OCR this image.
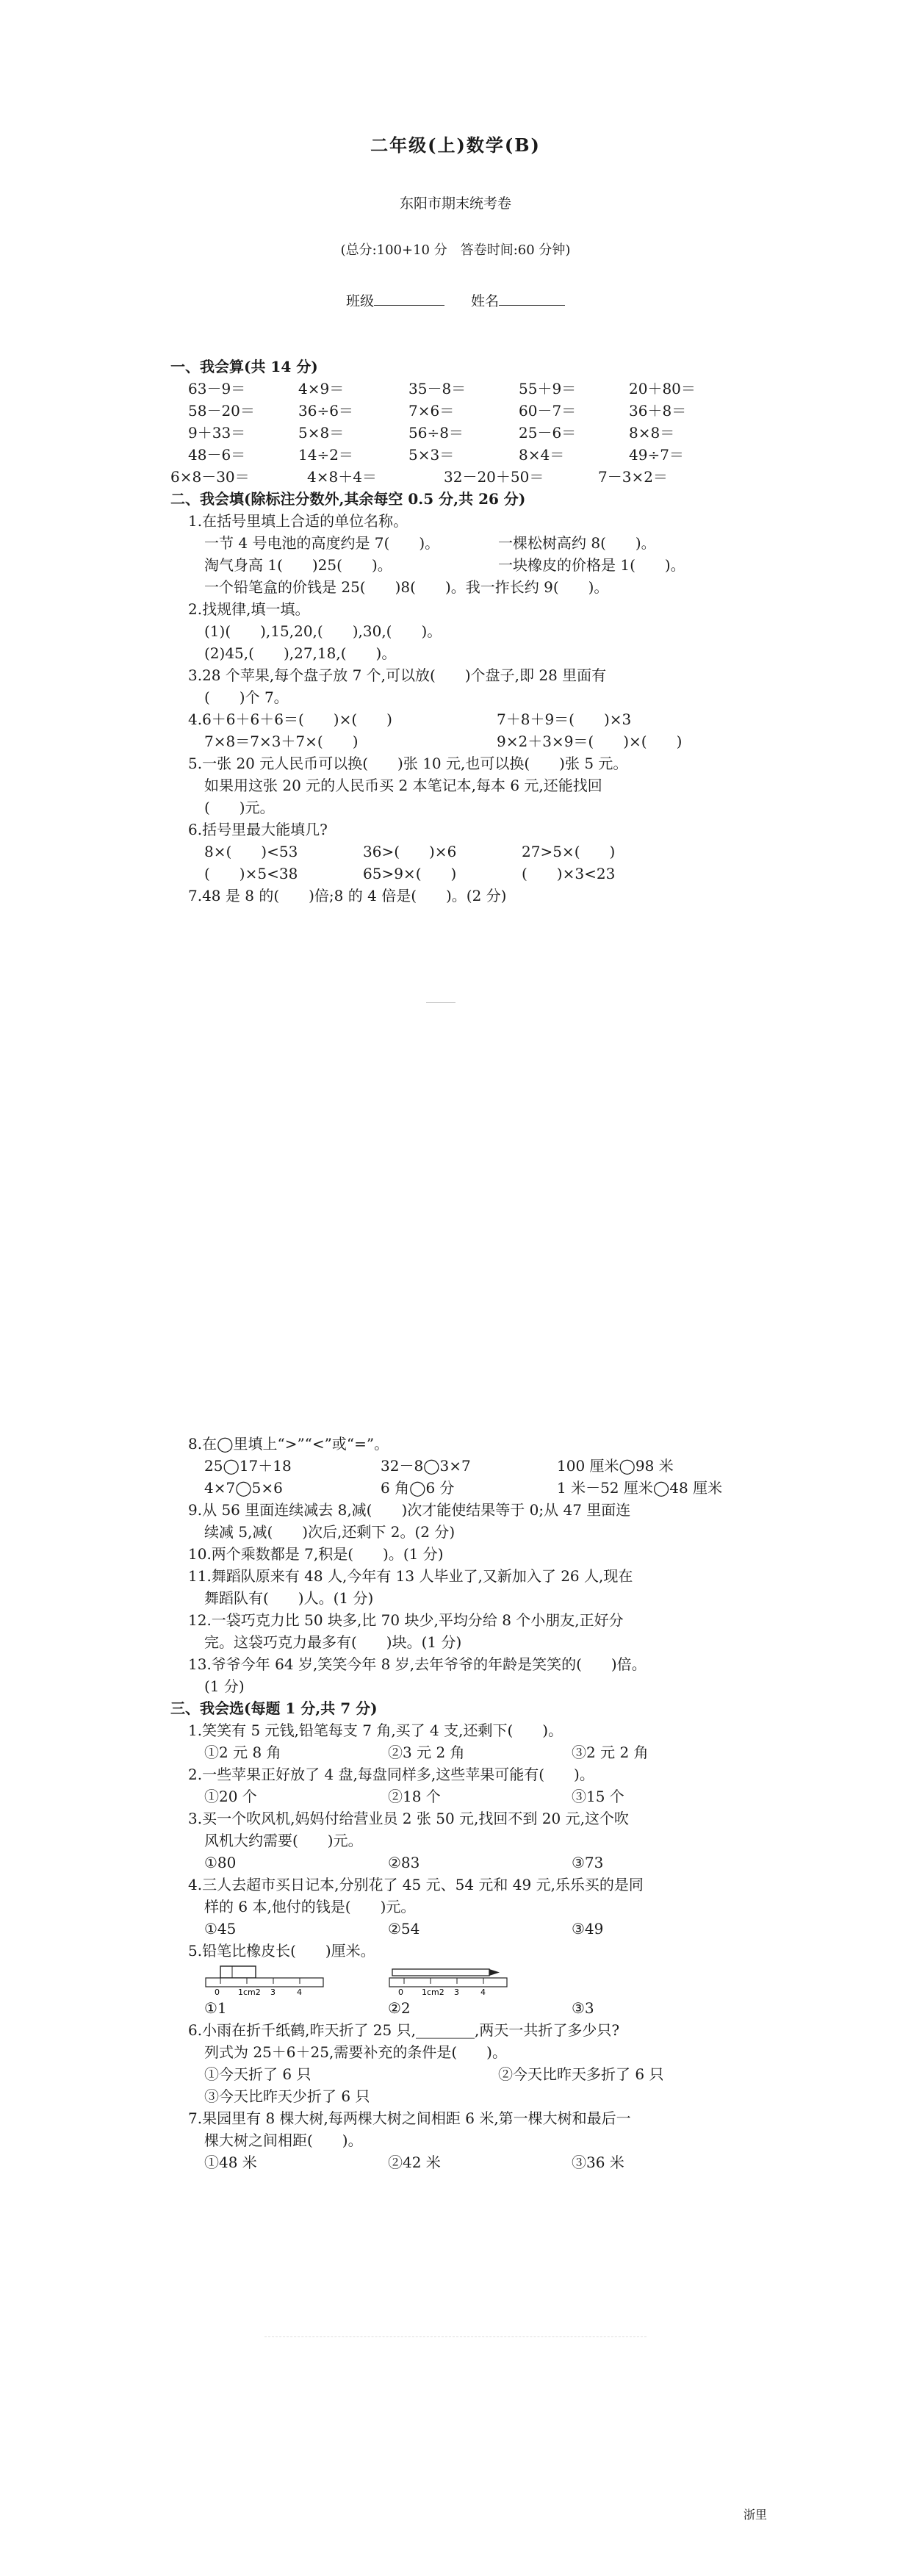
二年级(上)数学(B)
东阳市期末统考卷
(总分:100+10 分　答卷时间:60 分钟)
班级	姓名
一、我会算(共 14 分)
63－9＝	4×9＝	35－8＝	55＋9＝	20＋80＝
58－20＝	36÷6＝	7×6＝	60－7＝	36＋8＝
9＋33＝	5×8＝	56÷8＝	25－6＝	8×8＝
48－6＝	14÷2＝	5×3＝	8×4＝	49÷7＝
6×8－30＝	4×8＋4＝	32－20＋50＝	7－3×2＝
二、我会填(除标注分数外,其余每空 0.5 分,共 26 分)
1.在括号里填上合适的单位名称。
一节 4 号电池的高度约是 7(　　)。	一棵松树高约 8(　　)。
淘气身高 1(　　)25(　　)。	一块橡皮的价格是 1(　　)。
一个铅笔盒的价钱是 25(　　)8(　　)。我一拃长约 9(　　)。
2.找规律,填一填。
(1)(　　),15,20,(　　),30,(　　)。
(2)45,(　　),27,18,(　　)。
3.28 个苹果,每个盘子放 7 个,可以放(　　)个盘子,即 28 里面有
(　　)个 7。
4.6＋6＋6＋6＝(　　)×(　　)	7＋8＋9＝(　　)×3
7×8＝7×3＋7×(　　)	9×2＋3×9＝(　　)×(　　)
5.一张 20 元人民币可以换(　　)张 10 元,也可以换(　　)张 5 元。
如果用这张 20 元的人民币买 2 本笔记本,每本 6 元,还能找回
(　　)元。
6.括号里最大能填几?
8×(　　)<53	36>(　　)×6	27>5×(　　)
(　　)×5<38	65>9×(　　)	(　　)×3<23
7.48 是 8 的(　　)倍;8 的 4 倍是(　　)。(2 分)
8.在◯里填上“>”“<”或“=”。
25◯17＋18	32－8◯3×7	100 厘米◯98 米
4×7◯5×6	6 角◯6 分	1 米－52 厘米◯48 厘米
9.从 56 里面连续减去 8,减(　　)次才能使结果等于 0;从 47 里面连
续减 5,减(　　)次后,还剩下 2。(2 分)
10.两个乘数都是 7,积是(　　)。(1 分)
11.舞蹈队原来有 48 人,今年有 13 人毕业了,又新加入了 26 人,现在
舞蹈队有(　　)人。(1 分)
12.一袋巧克力比 50 块多,比 70 块少,平均分给 8 个小朋友,正好分
完。这袋巧克力最多有(　　)块。(1 分)
13.爷爷今年 64 岁,笑笑今年 8 岁,去年爷爷的年龄是笑笑的(　　)倍。
(1 分)
三、我会选(每题 1 分,共 7 分)
1.笑笑有 5 元钱,铅笔每支 7 角,买了 4 支,还剩下(　　)。
①2 元 8 角	②3 元 2 角	③2 元 2 角
2.一些苹果正好放了 4 盘,每盘同样多,这些苹果可能有(　　)。
①20 个	②18 个	③15 个
3.买一个吹风机,妈妈付给营业员 2 张 50 元,找回不到 20 元,这个吹
风机大约需要(　　)元。
①80	②83	③73
4.三人去超市买日记本,分别花了 45 元、54 元和 49 元,乐乐买的是同
样的 6 本,他付的钱是(　　)元。
①45	②54	③49
5.铅笔比橡皮长(　　)厘米。
0 1cm2 3	4	0 1cm2 3	4
①1	②2	③3
6.小雨在折千纸鹤,昨天折了 25 只,________,两天一共折了多少只?
列式为 25＋6＋25,需要补充的条件是(　　)。
①今天折了 6 只	②今天比昨天多折了 6 只
③今天比昨天少折了 6 只
7.果园里有 8 棵大树,每两棵大树之间相距 6 米,第一棵大树和最后一
棵大树之间相距(　　)。
①48 米	②42 米	③36 米
浙里
